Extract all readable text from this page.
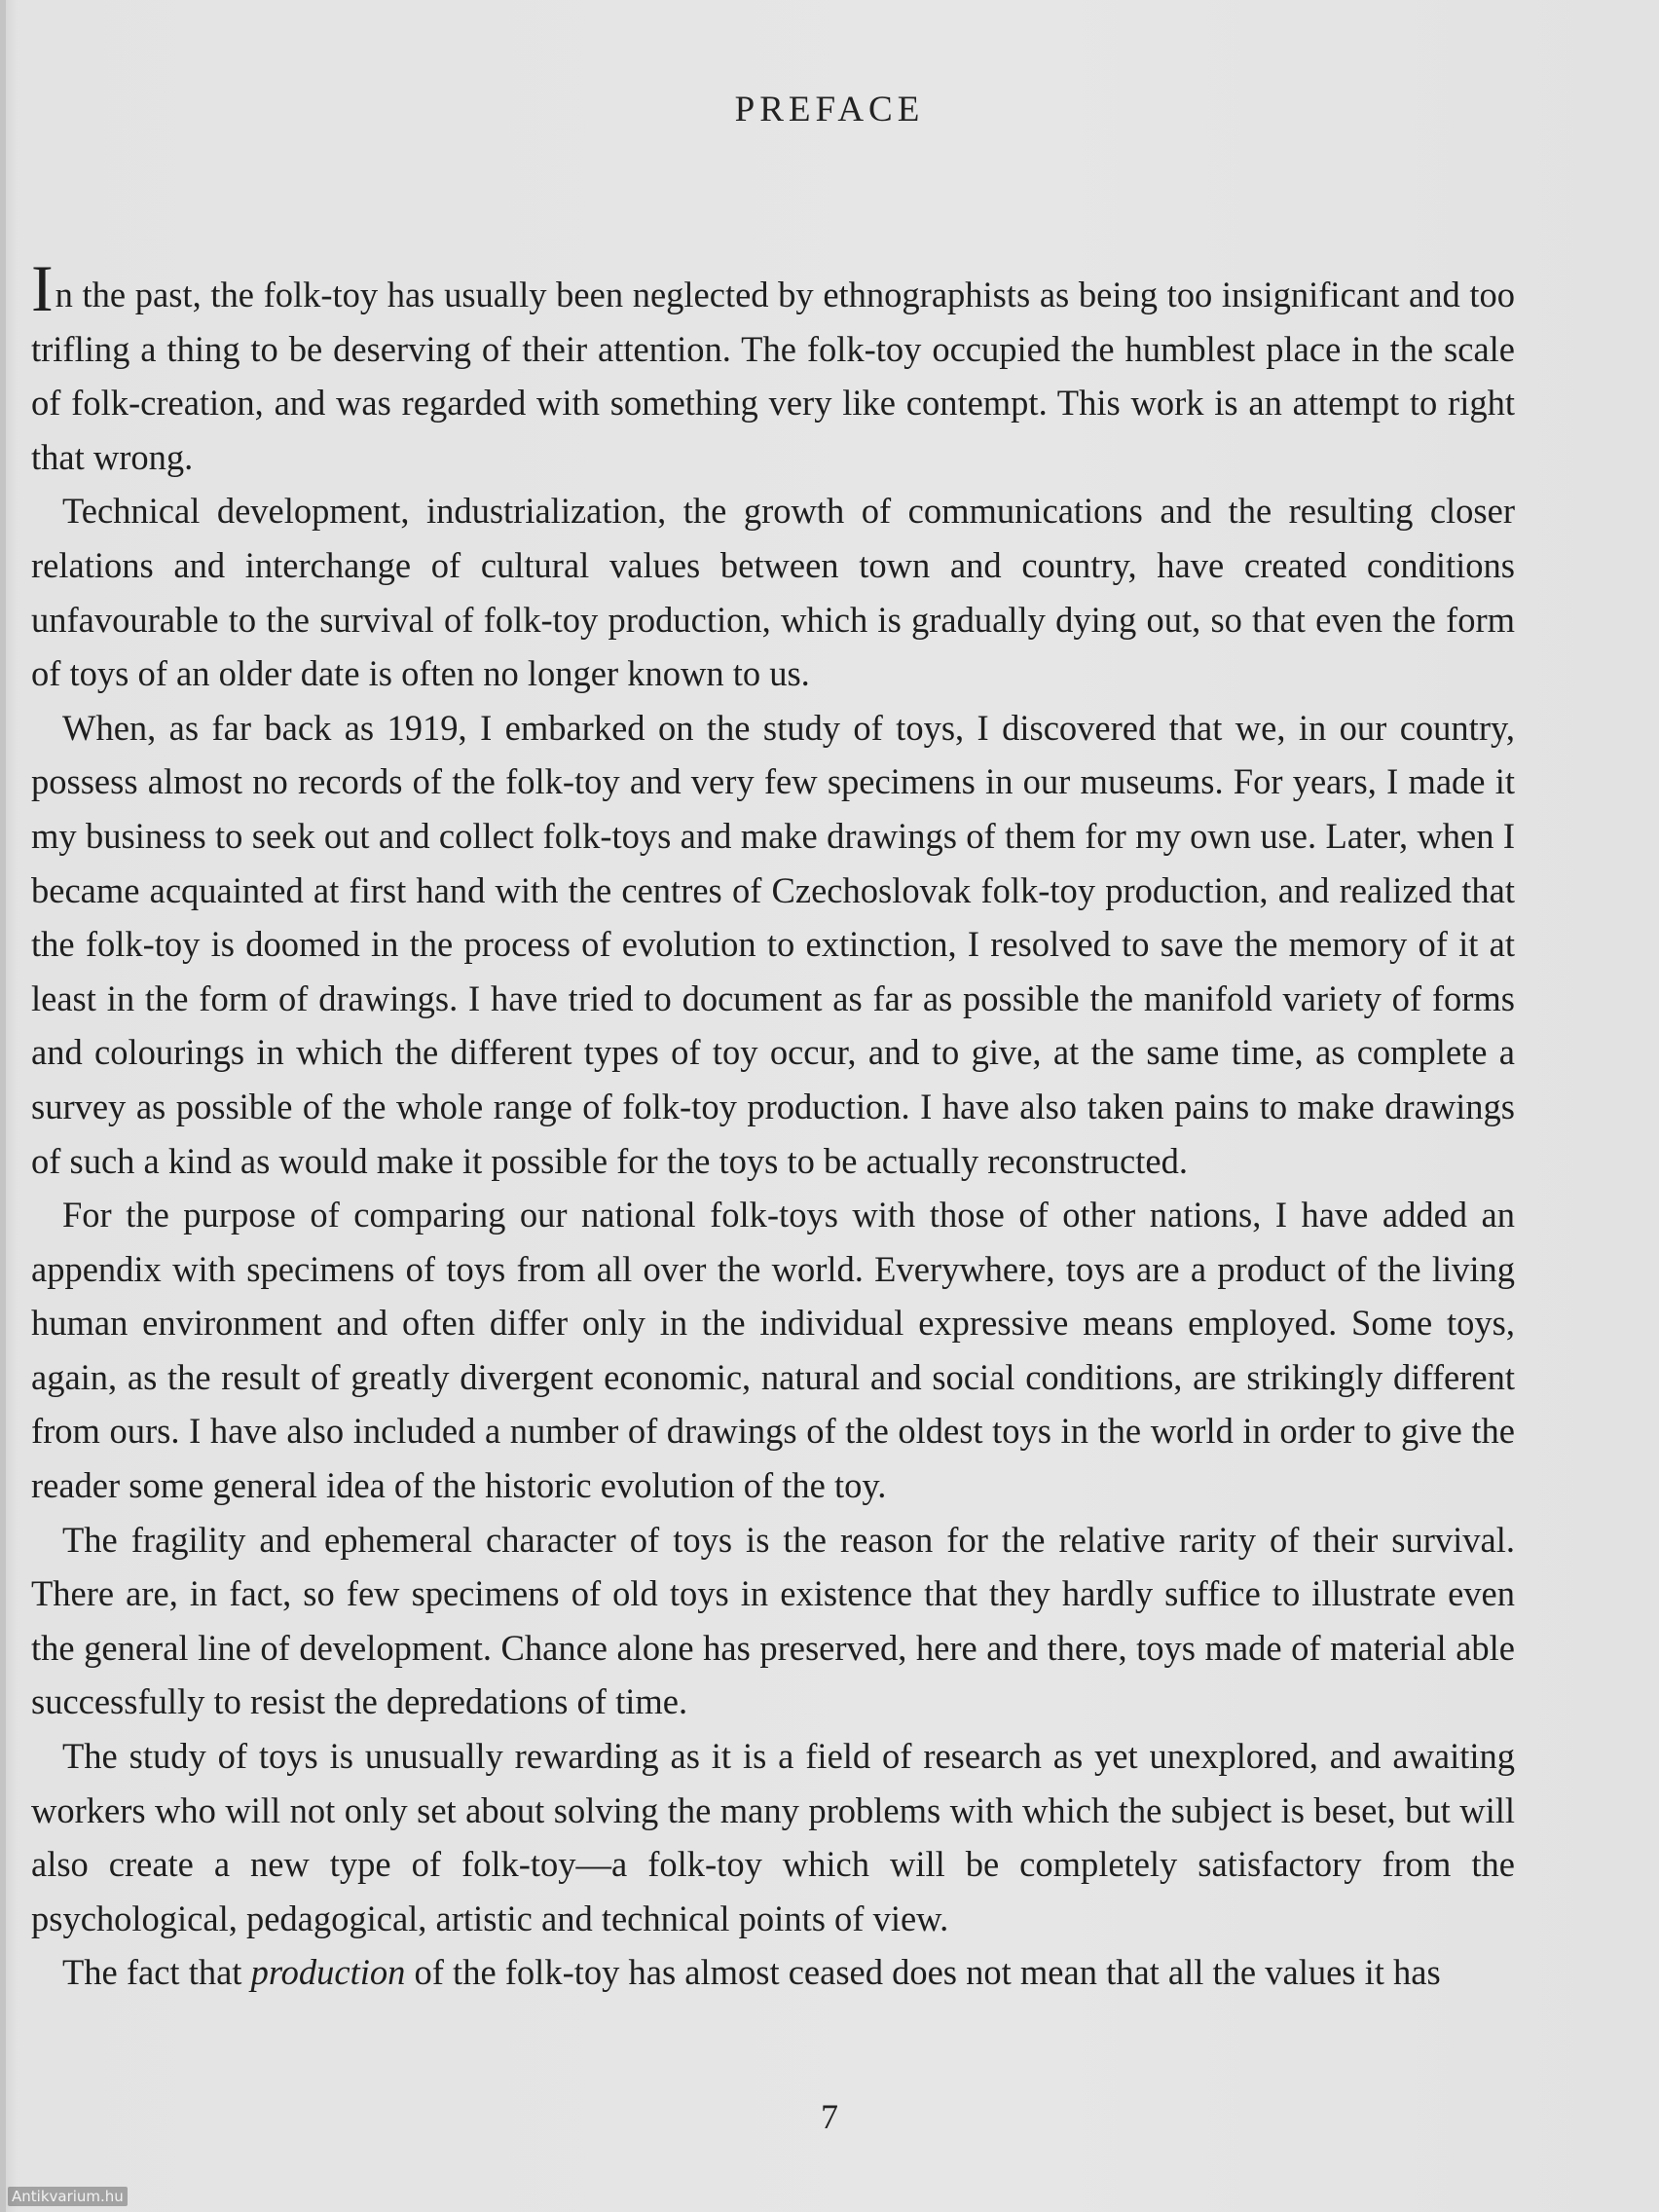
PREFACE

In the past, the folk-toy has usually been neglected by ethnographists as being too insignificant and too trifling a thing to be deserving of their attention. The folk-toy occupied the humblest place in the scale of folk-creation, and was regarded with something very like contempt. This work is an attempt to right that wrong.

Technical development, industrialization, the growth of communications and the resulting closer relations and interchange of cultural values between town and country, have created conditions unfavourable to the survival of folk-toy production, which is gradually dying out, so that even the form of toys of an older date is often no longer known to us.

When, as far back as 1919, I embarked on the study of toys, I discovered that we, in our country, possess almost no records of the folk-toy and very few specimens in our museums. For years, I made it my business to seek out and collect folk-toys and make drawings of them for my own use. Later, when I became acquainted at first hand with the centres of Czechoslovak folk-toy production, and realized that the folk-toy is doomed in the process of evolution to extinction, I resolved to save the memory of it at least in the form of drawings. I have tried to document as far as possible the manifold variety of forms and colourings in which the different types of toy occur, and to give, at the same time, as complete a survey as possible of the whole range of folk-toy production. I have also taken pains to make drawings of such a kind as would make it possible for the toys to be actually reconstructed.

For the purpose of comparing our national folk-toys with those of other nations, I have added an appendix with specimens of toys from all over the world. Everywhere, toys are a product of the living human environment and often differ only in the individual expressive means employed. Some toys, again, as the result of greatly divergent economic, natural and social conditions, are strikingly different from ours. I have also included a number of drawings of the oldest toys in the world in order to give the reader some general idea of the historic evolution of the toy.

The fragility and ephemeral character of toys is the reason for the relative rarity of their survival. There are, in fact, so few specimens of old toys in existence that they hardly suffice to illustrate even the general line of development. Chance alone has preserved, here and there, toys made of material able successfully to resist the depredations of time.

The study of toys is unusually rewarding as it is a field of research as yet unexplored, and awaiting workers who will not only set about solving the many problems with which the subject is beset, but will also create a new type of folk-toy—a folk-toy which will be completely satisfactory from the psychological, pedagogical, artistic and technical points of view.

The fact that production of the folk-toy has almost ceased does not mean that all the values it has

7
Antikvarium.hu
